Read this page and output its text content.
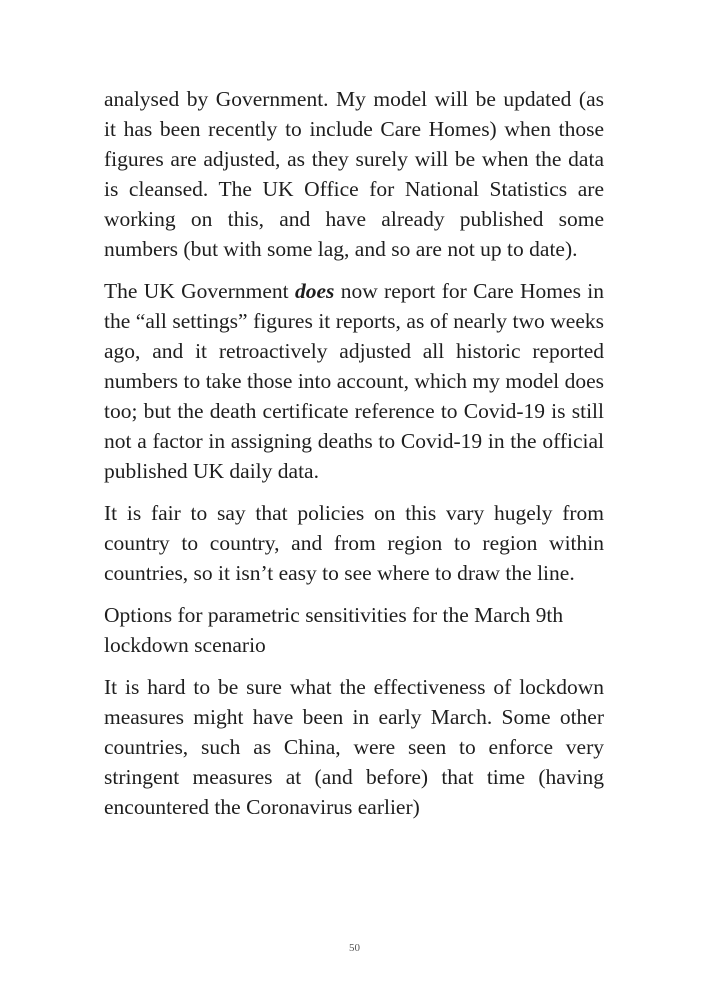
analysed by Government. My model will be updated (as it has been recently to include Care Homes) when those figures are adjusted, as they surely will be when the data is cleansed. The UK Office for National Statistics are working on this, and have already published some numbers (but with some lag, and so are not up to date).

The UK Government does now report for Care Homes in the “all settings” figures it reports, as of nearly two weeks ago, and it retroactively adjusted all historic reported numbers to take those into account, which my model does too; but the death certificate reference to Covid-19 is still not a factor in assigning deaths to Covid-19 in the official published UK daily data.

It is fair to say that policies on this vary hugely from country to country, and from region to region within countries, so it isn’t easy to see where to draw the line.

Options for parametric sensitivities for the March 9th lockdown scenario

It is hard to be sure what the effectiveness of lockdown measures might have been in early March. Some other countries, such as China, were seen to enforce very stringent measures at (and before) that time (having encountered the Coronavirus earlier)

50
